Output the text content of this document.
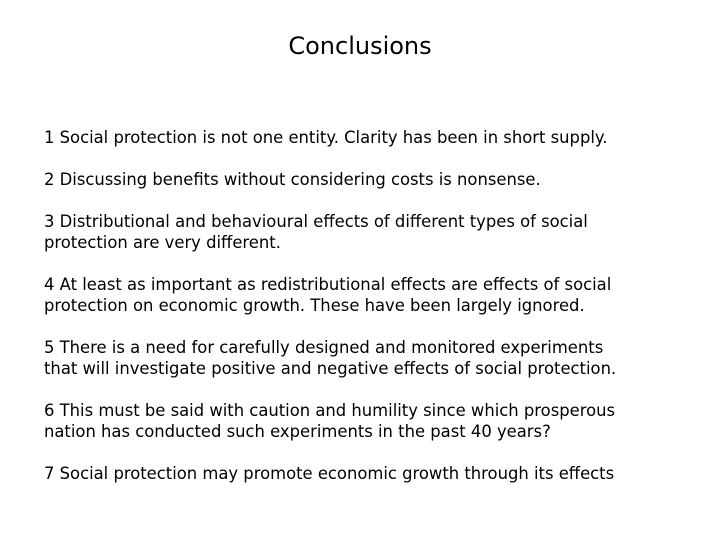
Conclusions
1 Social protection is not one entity. Clarity has been in short supply.
2 Discussing benefits without considering costs is nonsense.
3 Distributional and behavioural effects of different types of social
protection are very different.
4 At least as important as redistributional effects are effects of social
protection on economic growth. These have been largely ignored.
5 There is a need for carefully designed and monitored experiments
that will investigate positive and negative effects of social protection.
6 This must be said with caution and humility since which prosperous
nation has conducted such experiments in the past 40 years?
7 Social protection may promote economic growth through its effects
